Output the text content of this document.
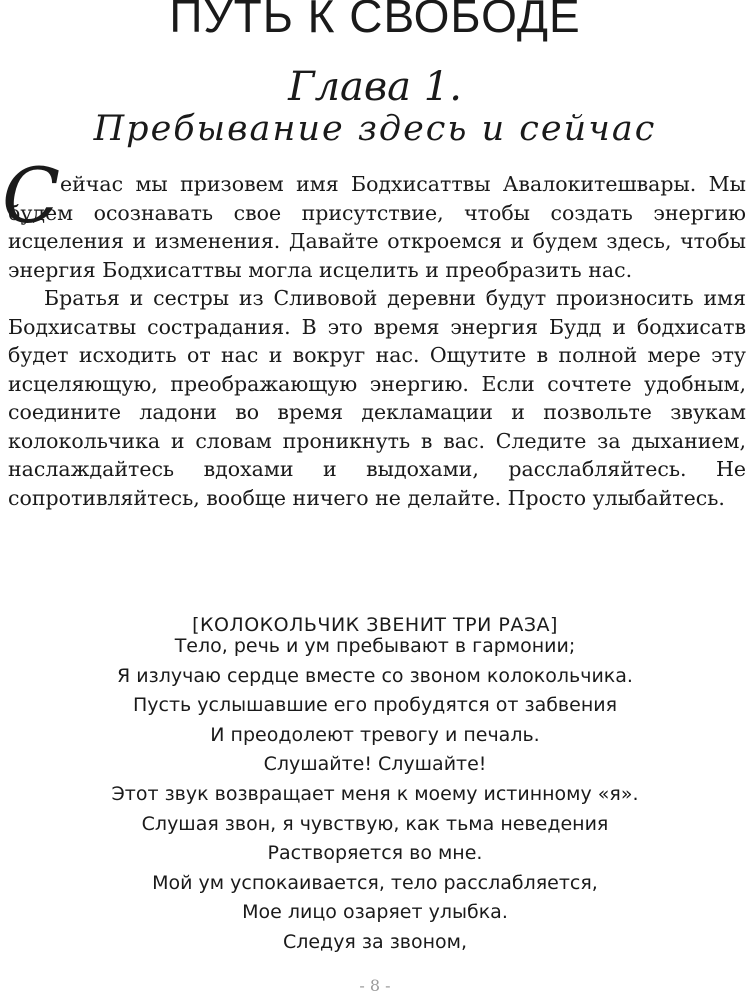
ПУТЬ К СВОБОДЕ
Глава 1.
Пребывание здесь и сейчас
С ейчас мы призовем имя Бодхисаттвы Авалокитешвары. Мы будем осознавать свое присутствие, чтобы создать энергию исцеления и изменения. Давайте откроемся и будем здесь, чтобы энергия Бодхисаттвы могла исцелить и преобразить нас.

Братья и сестры из Сливовой деревни будут произносить имя Бодхисатвы сострадания. В это время энергия Будд и бодхисатв будет исходить от нас и вокруг нас. Ощутите в полной мере эту исцеляющую, преображающую энергию. Если сочтете удобным, соедините ладони во время декламации и позвольте звукам колокольчика и словам проникнуть в вас. Следите за дыханием, наслаждайтесь вдохами и выдохами, расслабляйтесь. Не сопротивляйтесь, вообще ничего не делайте. Просто улыбайтесь.

[КОЛОКОЛЬЧИК ЗВЕНИТ ТРИ РАЗА]
Тело, речь и ум пребывают в гармонии;
Я излучаю сердце вместе со звоном колокольчика.
Пусть услышавшие его пробудятся от забвения
И преодолеют тревогу и печаль.
Слушайте! Слушайте!
Этот звук возвращает меня к моему истинному «я».
Слушая звон, я чувствую, как тьма неведения
Растворяется во мне.
Мой ум успокаивается, тело расслабляется,
Мое лицо озаряет улыбка.
Следуя за звоном,
- 8 -
